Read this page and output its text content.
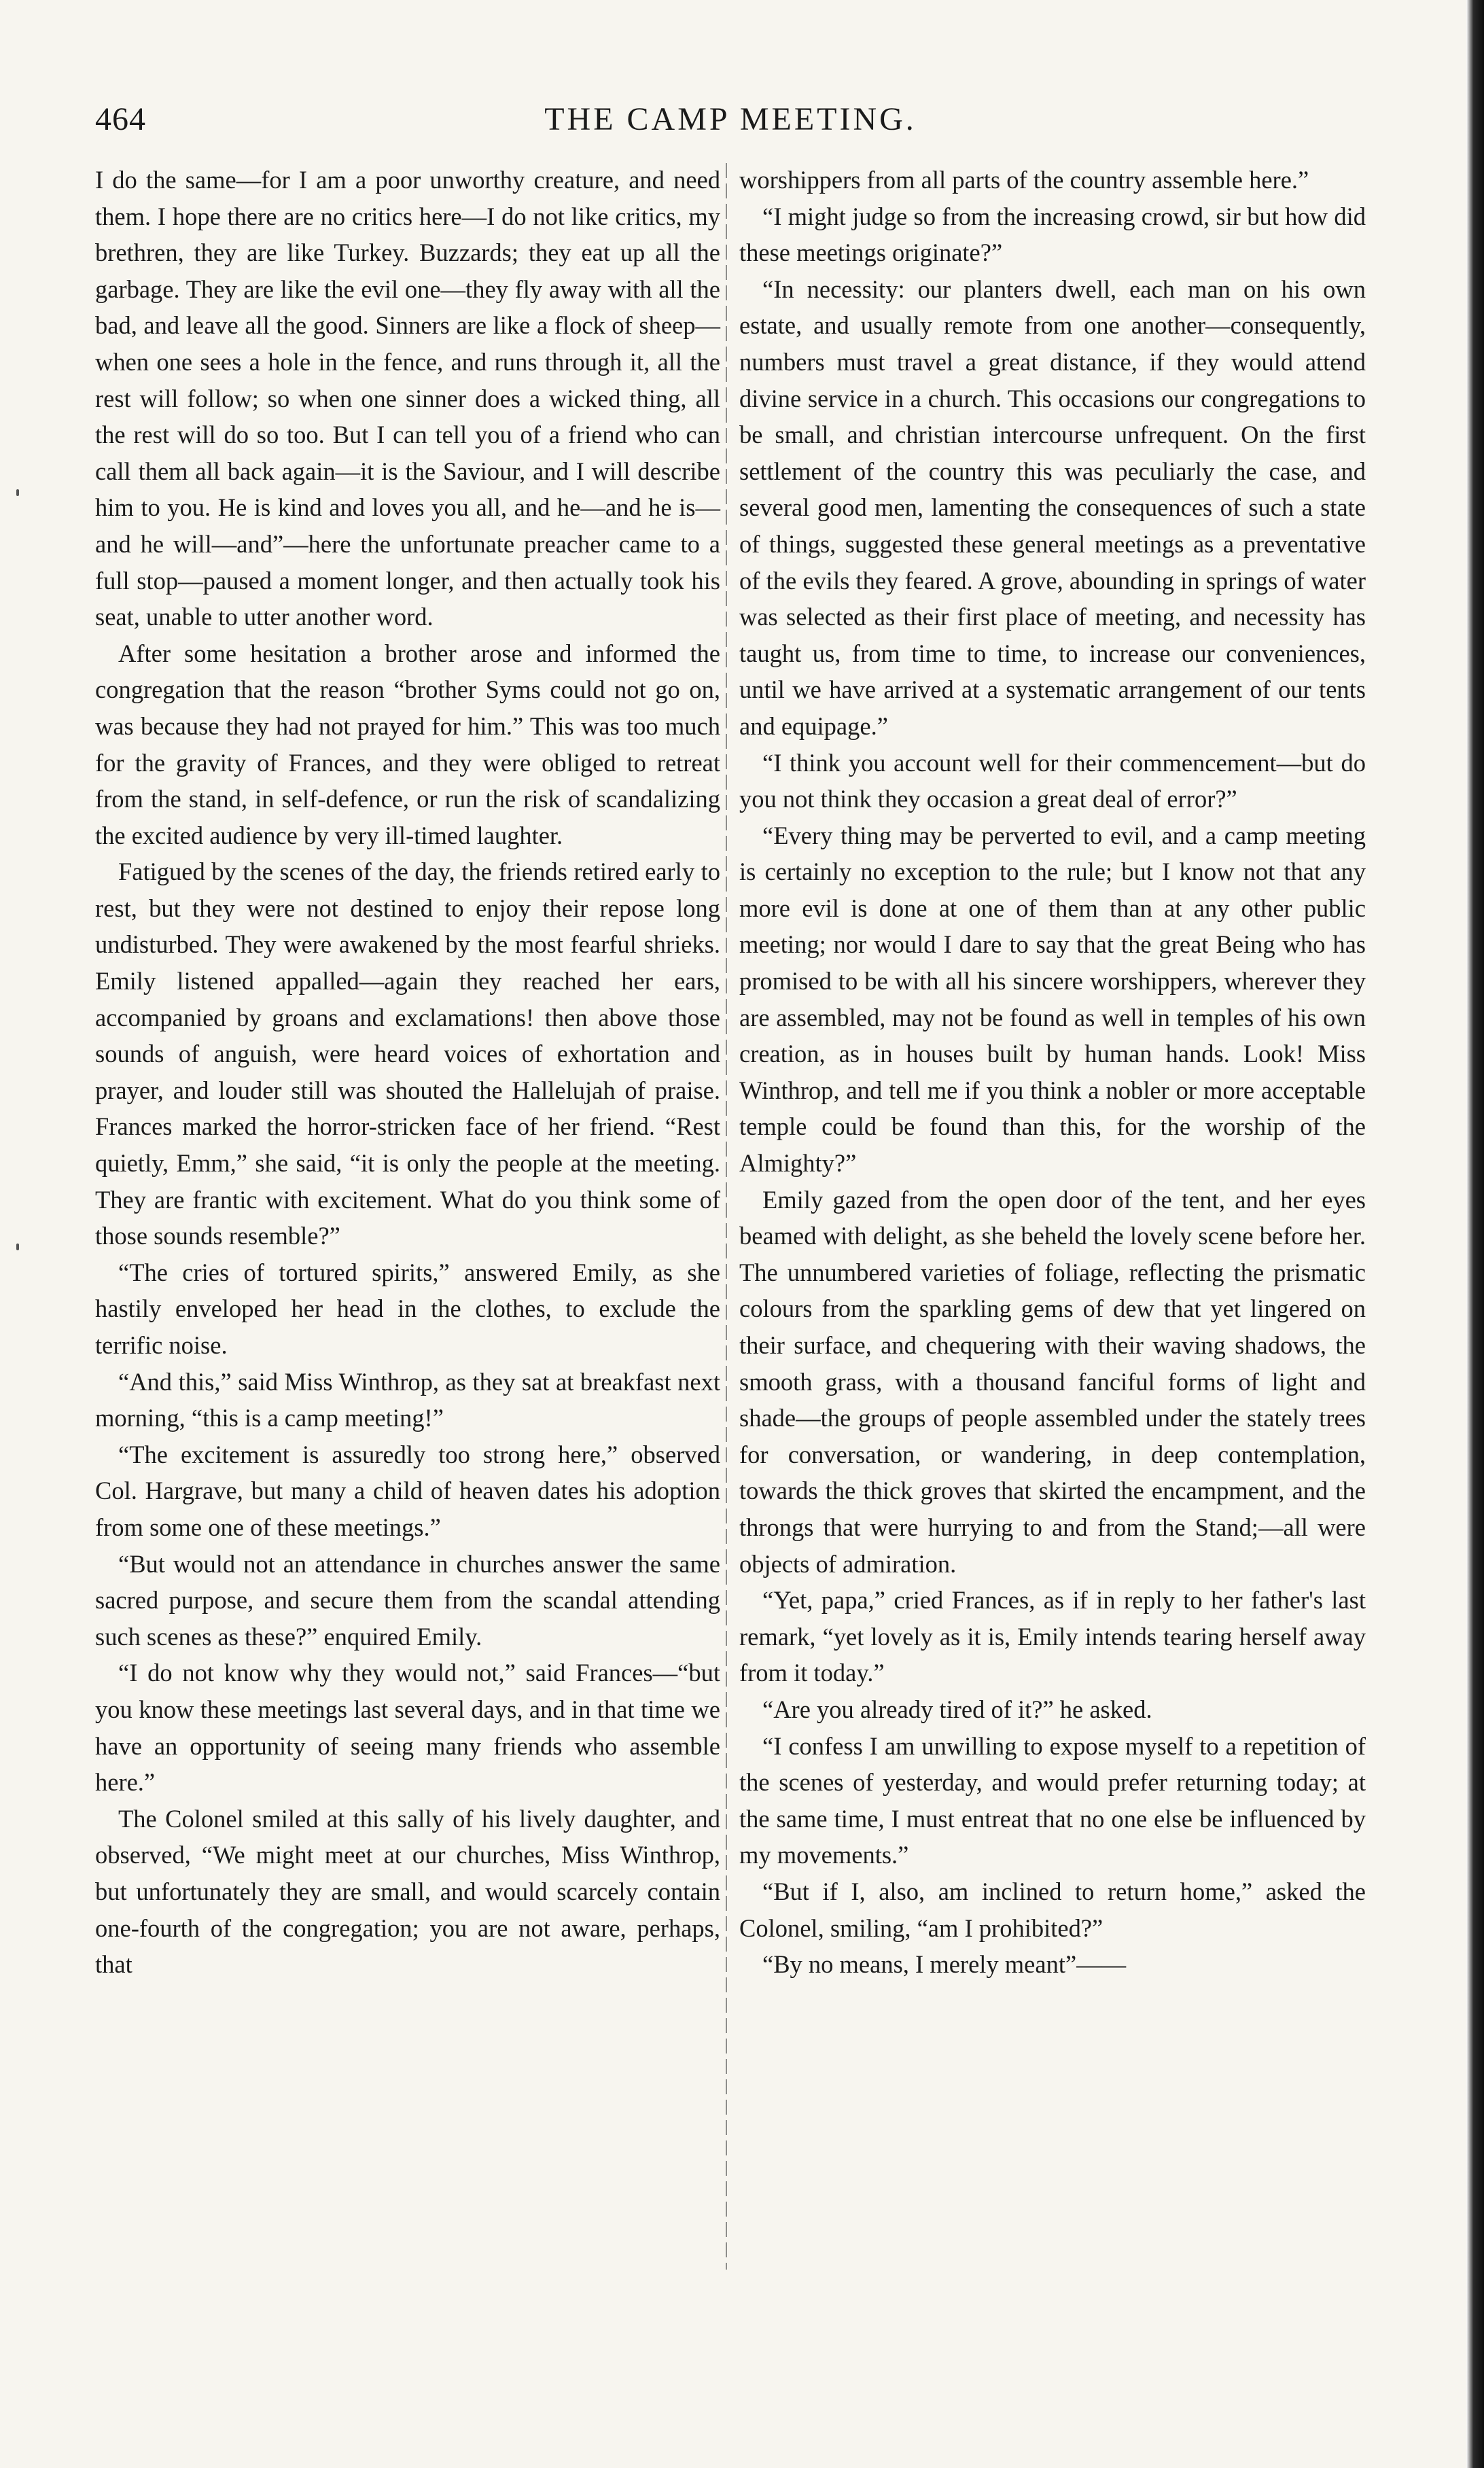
464	THE CAMP MEETING.

I do the same—for I am a poor unworthy creature, and need them. I hope there are no critics here—I do not like critics, my brethren, they are like Turkey. Buzzards; they eat up all the garbage. They are like the evil one—they fly away with all the bad, and leave all the good. Sinners are like a flock of sheep—when one sees a hole in the fence, and runs through it, all the rest will follow; so when one sinner does a wicked thing, all the rest will do so too. But I can tell you of a friend who can call them all back again—it is the Saviour, and I will describe him to you. He is kind and loves you all, and he—and he is—and he will—and”—here the unfortunate preacher came to a full stop—paused a moment longer, and then actually took his seat, unable to utter another word.

After some hesitation a brother arose and informed the congregation that the reason “brother Syms could not go on, was because they had not prayed for him.” This was too much for the gravity of Frances, and they were obliged to retreat from the stand, in self-defence, or run the risk of scandalizing the excited audience by very ill-timed laughter.

Fatigued by the scenes of the day, the friends retired early to rest, but they were not destined to enjoy their repose long undisturbed. They were awakened by the most fearful shrieks. Emily listened appalled—again they reached her ears, accompanied by groans and exclamations! then above those sounds of anguish, were heard voices of exhortation and prayer, and louder still was shouted the Hallelujah of praise. Frances marked the horror-stricken face of her friend. “Rest quietly, Emm,” she said, “it is only the people at the meeting. They are frantic with excitement. What do you think some of those sounds resemble?”

“The cries of tortured spirits,” answered Emily, as she hastily enveloped her head in the clothes, to exclude the terrific noise.

“And this,” said Miss Winthrop, as they sat at breakfast next morning, “this is a camp meeting!”

“The excitement is assuredly too strong here,” observed Col. Hargrave, but many a child of heaven dates his adoption from some one of these meetings.”

“But would not an attendance in churches answer the same sacred purpose, and secure them from the scandal attending such scenes as these?” enquired Emily.

“I do not know why they would not,” said Frances—“but you know these meetings last several days, and in that time we have an opportunity of seeing many friends who assemble here.”

The Colonel smiled at this sally of his lively daughter, and observed, “We might meet at our churches, Miss Winthrop, but unfortunately they are small, and would scarcely contain one-fourth of the congregation; you are not aware, perhaps, that

worshippers from all parts of the country assemble here.”

“I might judge so from the increasing crowd, sir but how did these meetings originate?”

“In necessity: our planters dwell, each man on his own estate, and usually remote from one another—consequently, numbers must travel a great distance, if they would attend divine service in a church. This occasions our congregations to be small, and christian intercourse unfrequent. On the first settlement of the country this was peculiarly the case, and several good men, lamenting the consequences of such a state of things, suggested these general meetings as a preventative of the evils they feared. A grove, abounding in springs of water was selected as their first place of meeting, and necessity has taught us, from time to time, to increase our conveniences, until we have arrived at a systematic arrangement of our tents and equipage.”

“I think you account well for their commencement—but do you not think they occasion a great deal of error?”

“Every thing may be perverted to evil, and a camp meeting is certainly no exception to the rule; but I know not that any more evil is done at one of them than at any other public meeting; nor would I dare to say that the great Being who has promised to be with all his sincere worshippers, wherever they are assembled, may not be found as well in temples of his own creation, as in houses built by human hands. Look! Miss Winthrop, and tell me if you think a nobler or more acceptable temple could be found than this, for the worship of the Almighty?”

Emily gazed from the open door of the tent, and her eyes beamed with delight, as she beheld the lovely scene before her. The unnumbered varieties of foliage, reflecting the prismatic colours from the sparkling gems of dew that yet lingered on their surface, and chequering with their waving shadows, the smooth grass, with a thousand fanciful forms of light and shade—the groups of people assembled under the stately trees for conversation, or wandering, in deep contemplation, towards the thick groves that skirted the encampment, and the throngs that were hurrying to and from the Stand;—all were objects of admiration.

“Yet, papa,” cried Frances, as if in reply to her father's last remark, “yet lovely as it is, Emily intends tearing herself away from it today.”

“Are you already tired of it?” he asked.

“I confess I am unwilling to expose myself to a repetition of the scenes of yesterday, and would prefer returning today; at the same time, I must entreat that no one else be influenced by my movements.”

“But if I, also, am inclined to return home,” asked the Colonel, smiling, “am I prohibited?”

“By no means, I merely meant”——
